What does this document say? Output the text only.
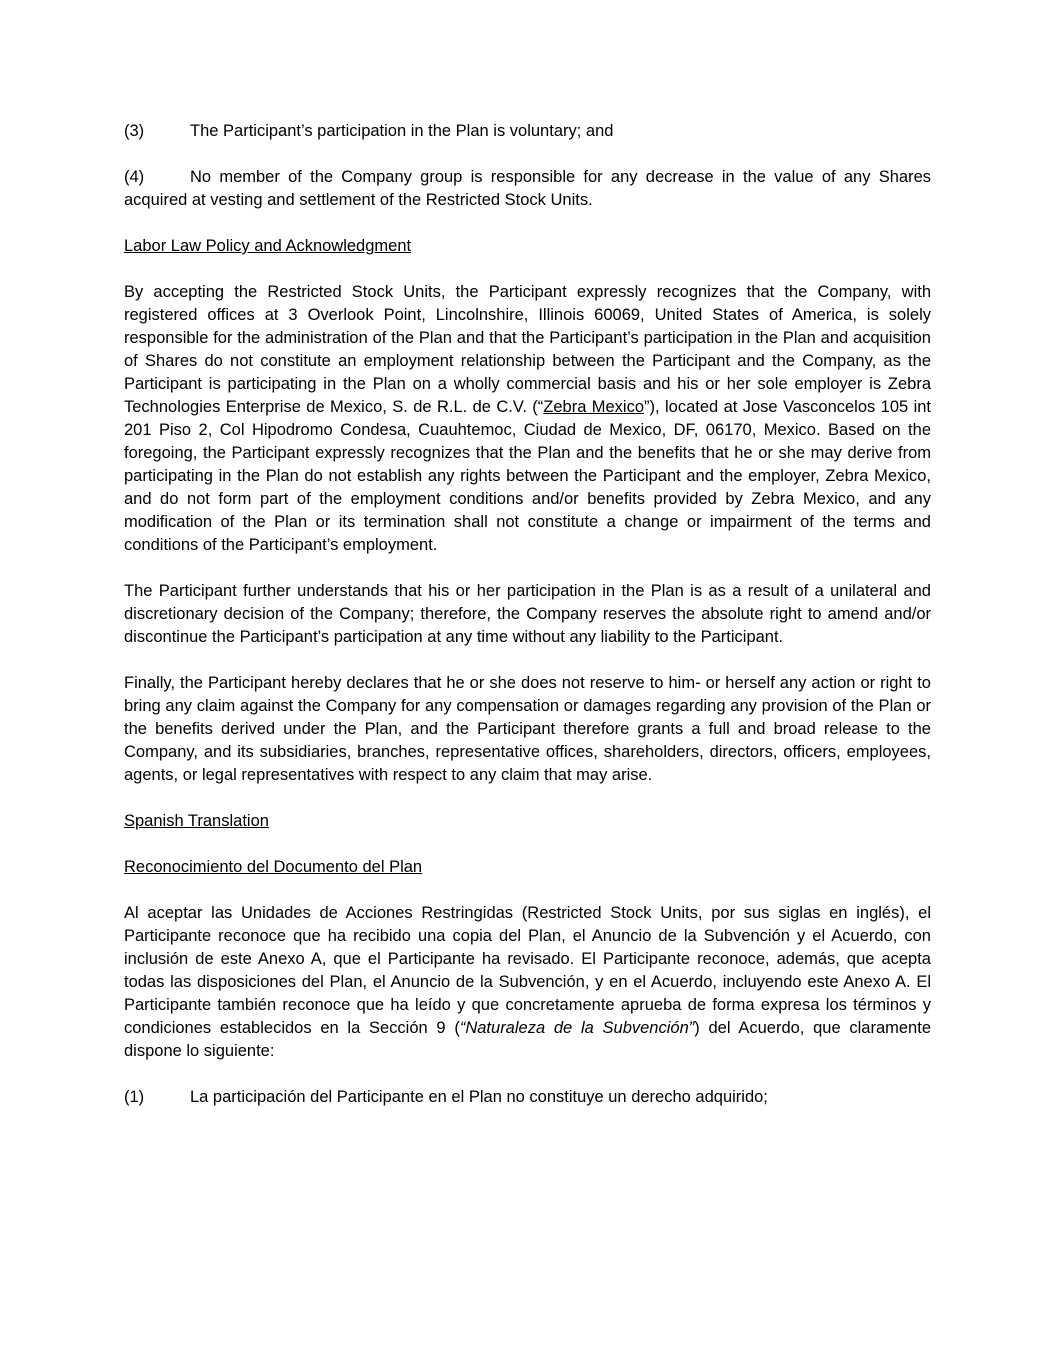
(3)	The Participant’s participation in the Plan is voluntary; and

(4)	No member of the Company group is responsible for any decrease in the value of any Shares acquired at vesting and settlement of the Restricted Stock Units.

Labor Law Policy and Acknowledgment

By accepting the Restricted Stock Units, the Participant expressly recognizes that the Company, with registered offices at 3 Overlook Point, Lincolnshire, Illinois 60069, United States of America, is solely responsible for the administration of the Plan and that the Participant’s participation in the Plan and acquisition of Shares do not constitute an employment relationship between the Participant and the Company, as the Participant is participating in the Plan on a wholly commercial basis and his or her sole employer is Zebra Technologies Enterprise de Mexico, S. de R.L. de C.V. (“Zebra Mexico”), located at Jose Vasconcelos 105 int 201 Piso 2, Col Hipodromo Condesa, Cuauhtemoc, Ciudad de Mexico, DF, 06170, Mexico. Based on the foregoing, the Participant expressly recognizes that the Plan and the benefits that he or she may derive from participating in the Plan do not establish any rights between the Participant and the employer, Zebra Mexico, and do not form part of the employment conditions and/or benefits provided by Zebra Mexico, and any modification of the Plan or its termination shall not constitute a change or impairment of the terms and conditions of the Participant’s employment.

The Participant further understands that his or her participation in the Plan is as a result of a unilateral and discretionary decision of the Company; therefore, the Company reserves the absolute right to amend and/or discontinue the Participant’s participation at any time without any liability to the Participant.

Finally, the Participant hereby declares that he or she does not reserve to him- or herself any action or right to bring any claim against the Company for any compensation or damages regarding any provision of the Plan or the benefits derived under the Plan, and the Participant therefore grants a full and broad release to the Company, and its subsidiaries, branches, representative offices, shareholders, directors, officers, employees, agents, or legal representatives with respect to any claim that may arise.

Spanish Translation

Reconocimiento del Documento del Plan

Al aceptar las Unidades de Acciones Restringidas (Restricted Stock Units, por sus siglas en inglés), el Participante reconoce que ha recibido una copia del Plan, el Anuncio de la Subvención y el Acuerdo, con inclusión de este Anexo A, que el Participante ha revisado. El Participante reconoce, además, que acepta todas las disposiciones del Plan, el Anuncio de la Subvención, y en el Acuerdo, incluyendo este Anexo A. El Participante también reconoce que ha leído y que concretamente aprueba de forma expresa los términos y condiciones establecidos en la Sección 9 (“Naturaleza de la Subvención”) del Acuerdo, que claramente dispone lo siguiente:

(1)	La participación del Participante en el Plan no constituye un derecho adquirido;
